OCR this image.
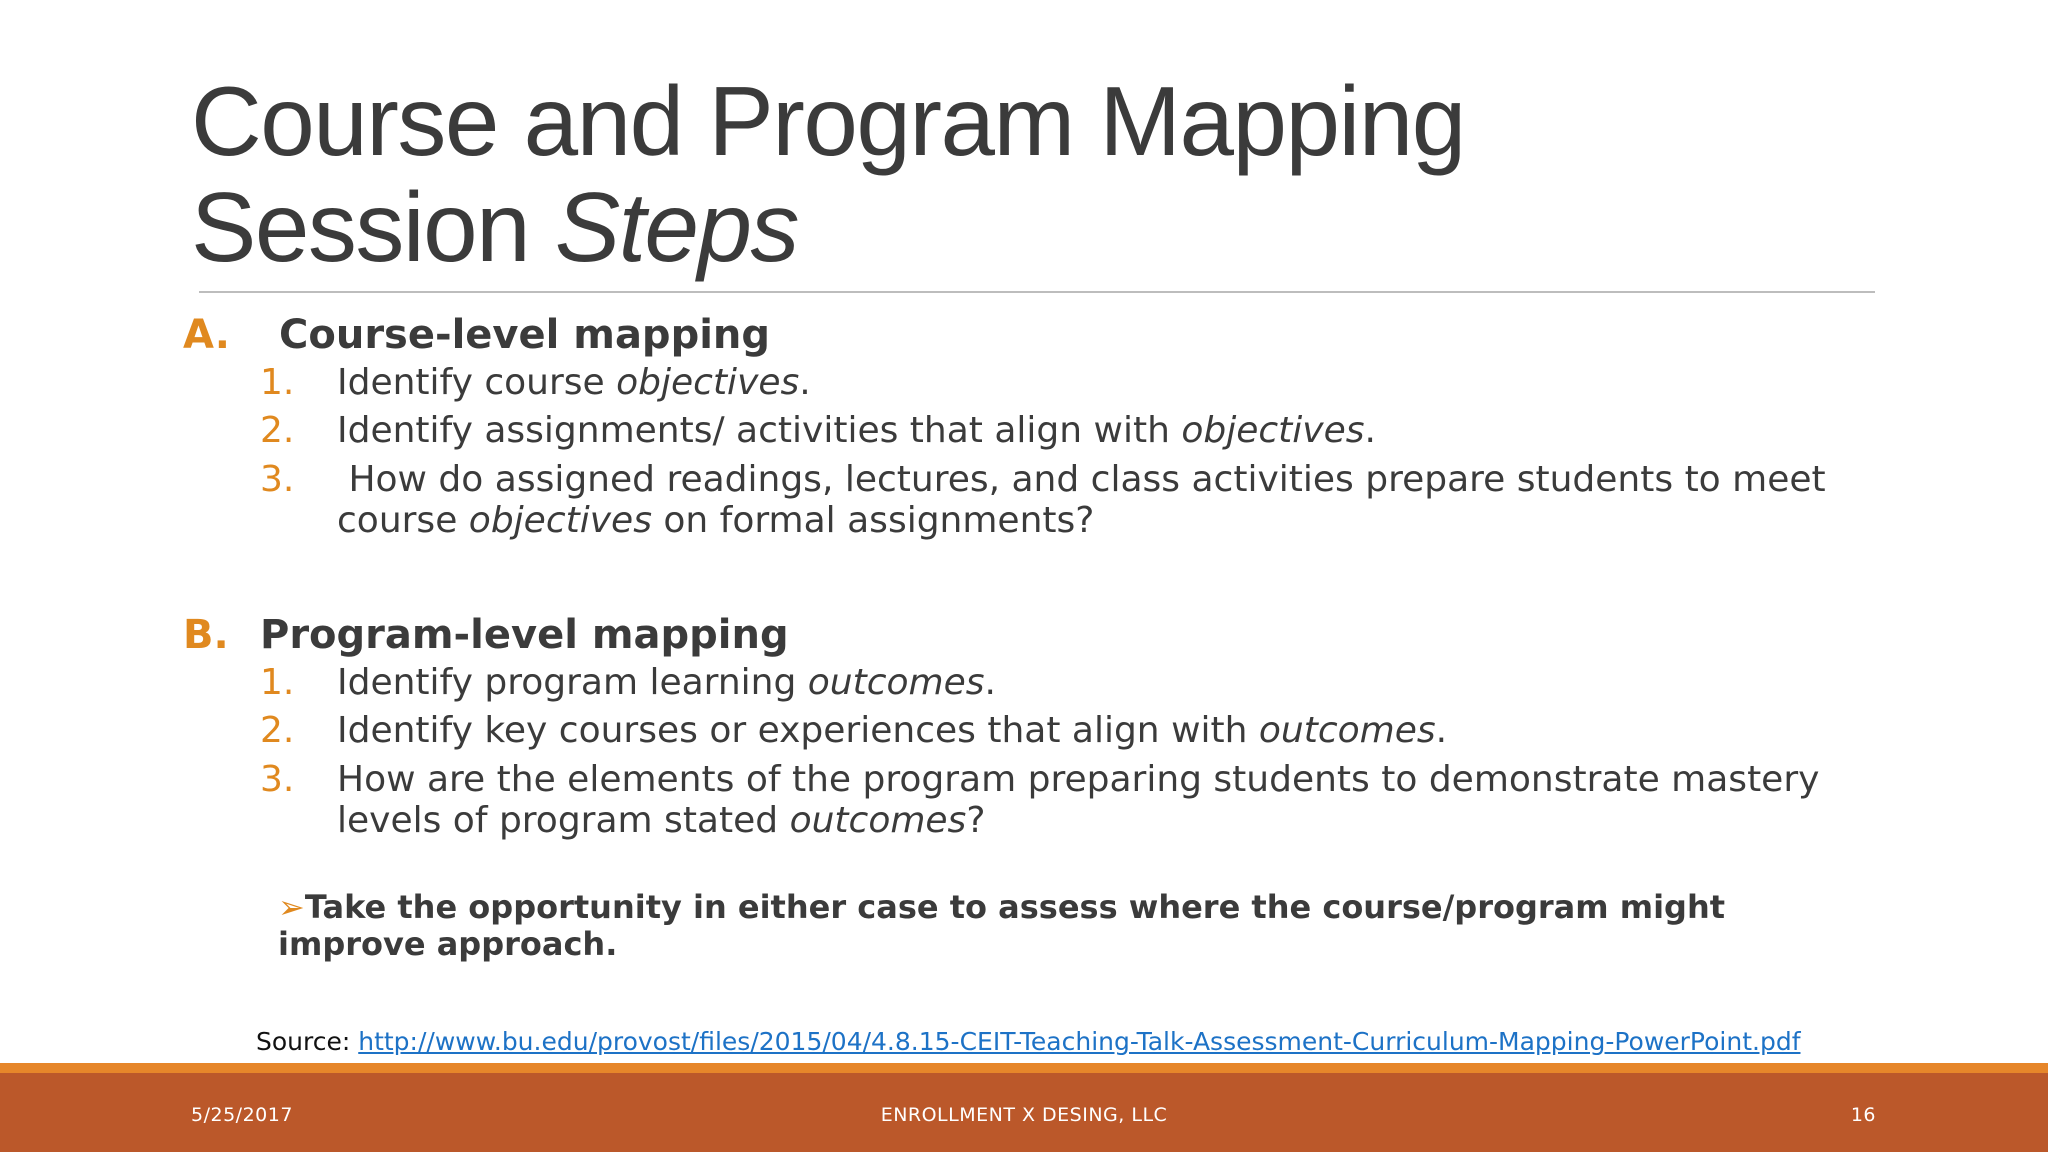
Course and Program Mapping
Session Steps
A. Course-level mapping
1. Identify course objectives.
2. Identify assignments/ activities that align with objectives.
3. How do assigned readings, lectures, and class activities prepare students to meet course objectives on formal assignments?
B. Program-level mapping
1. Identify program learning outcomes.
2. Identify key courses or experiences that align with outcomes.
3. How are the elements of the program preparing students to demonstrate mastery levels of program stated outcomes?
➢Take the opportunity in either case to assess where the course/program might improve approach.
Source: http://www.bu.edu/provost/files/2015/04/4.8.15-CEIT-Teaching-Talk-Assessment-Curriculum-Mapping-PowerPoint.pdf
5/25/2017	ENROLLMENT X DESING, LLC	16
